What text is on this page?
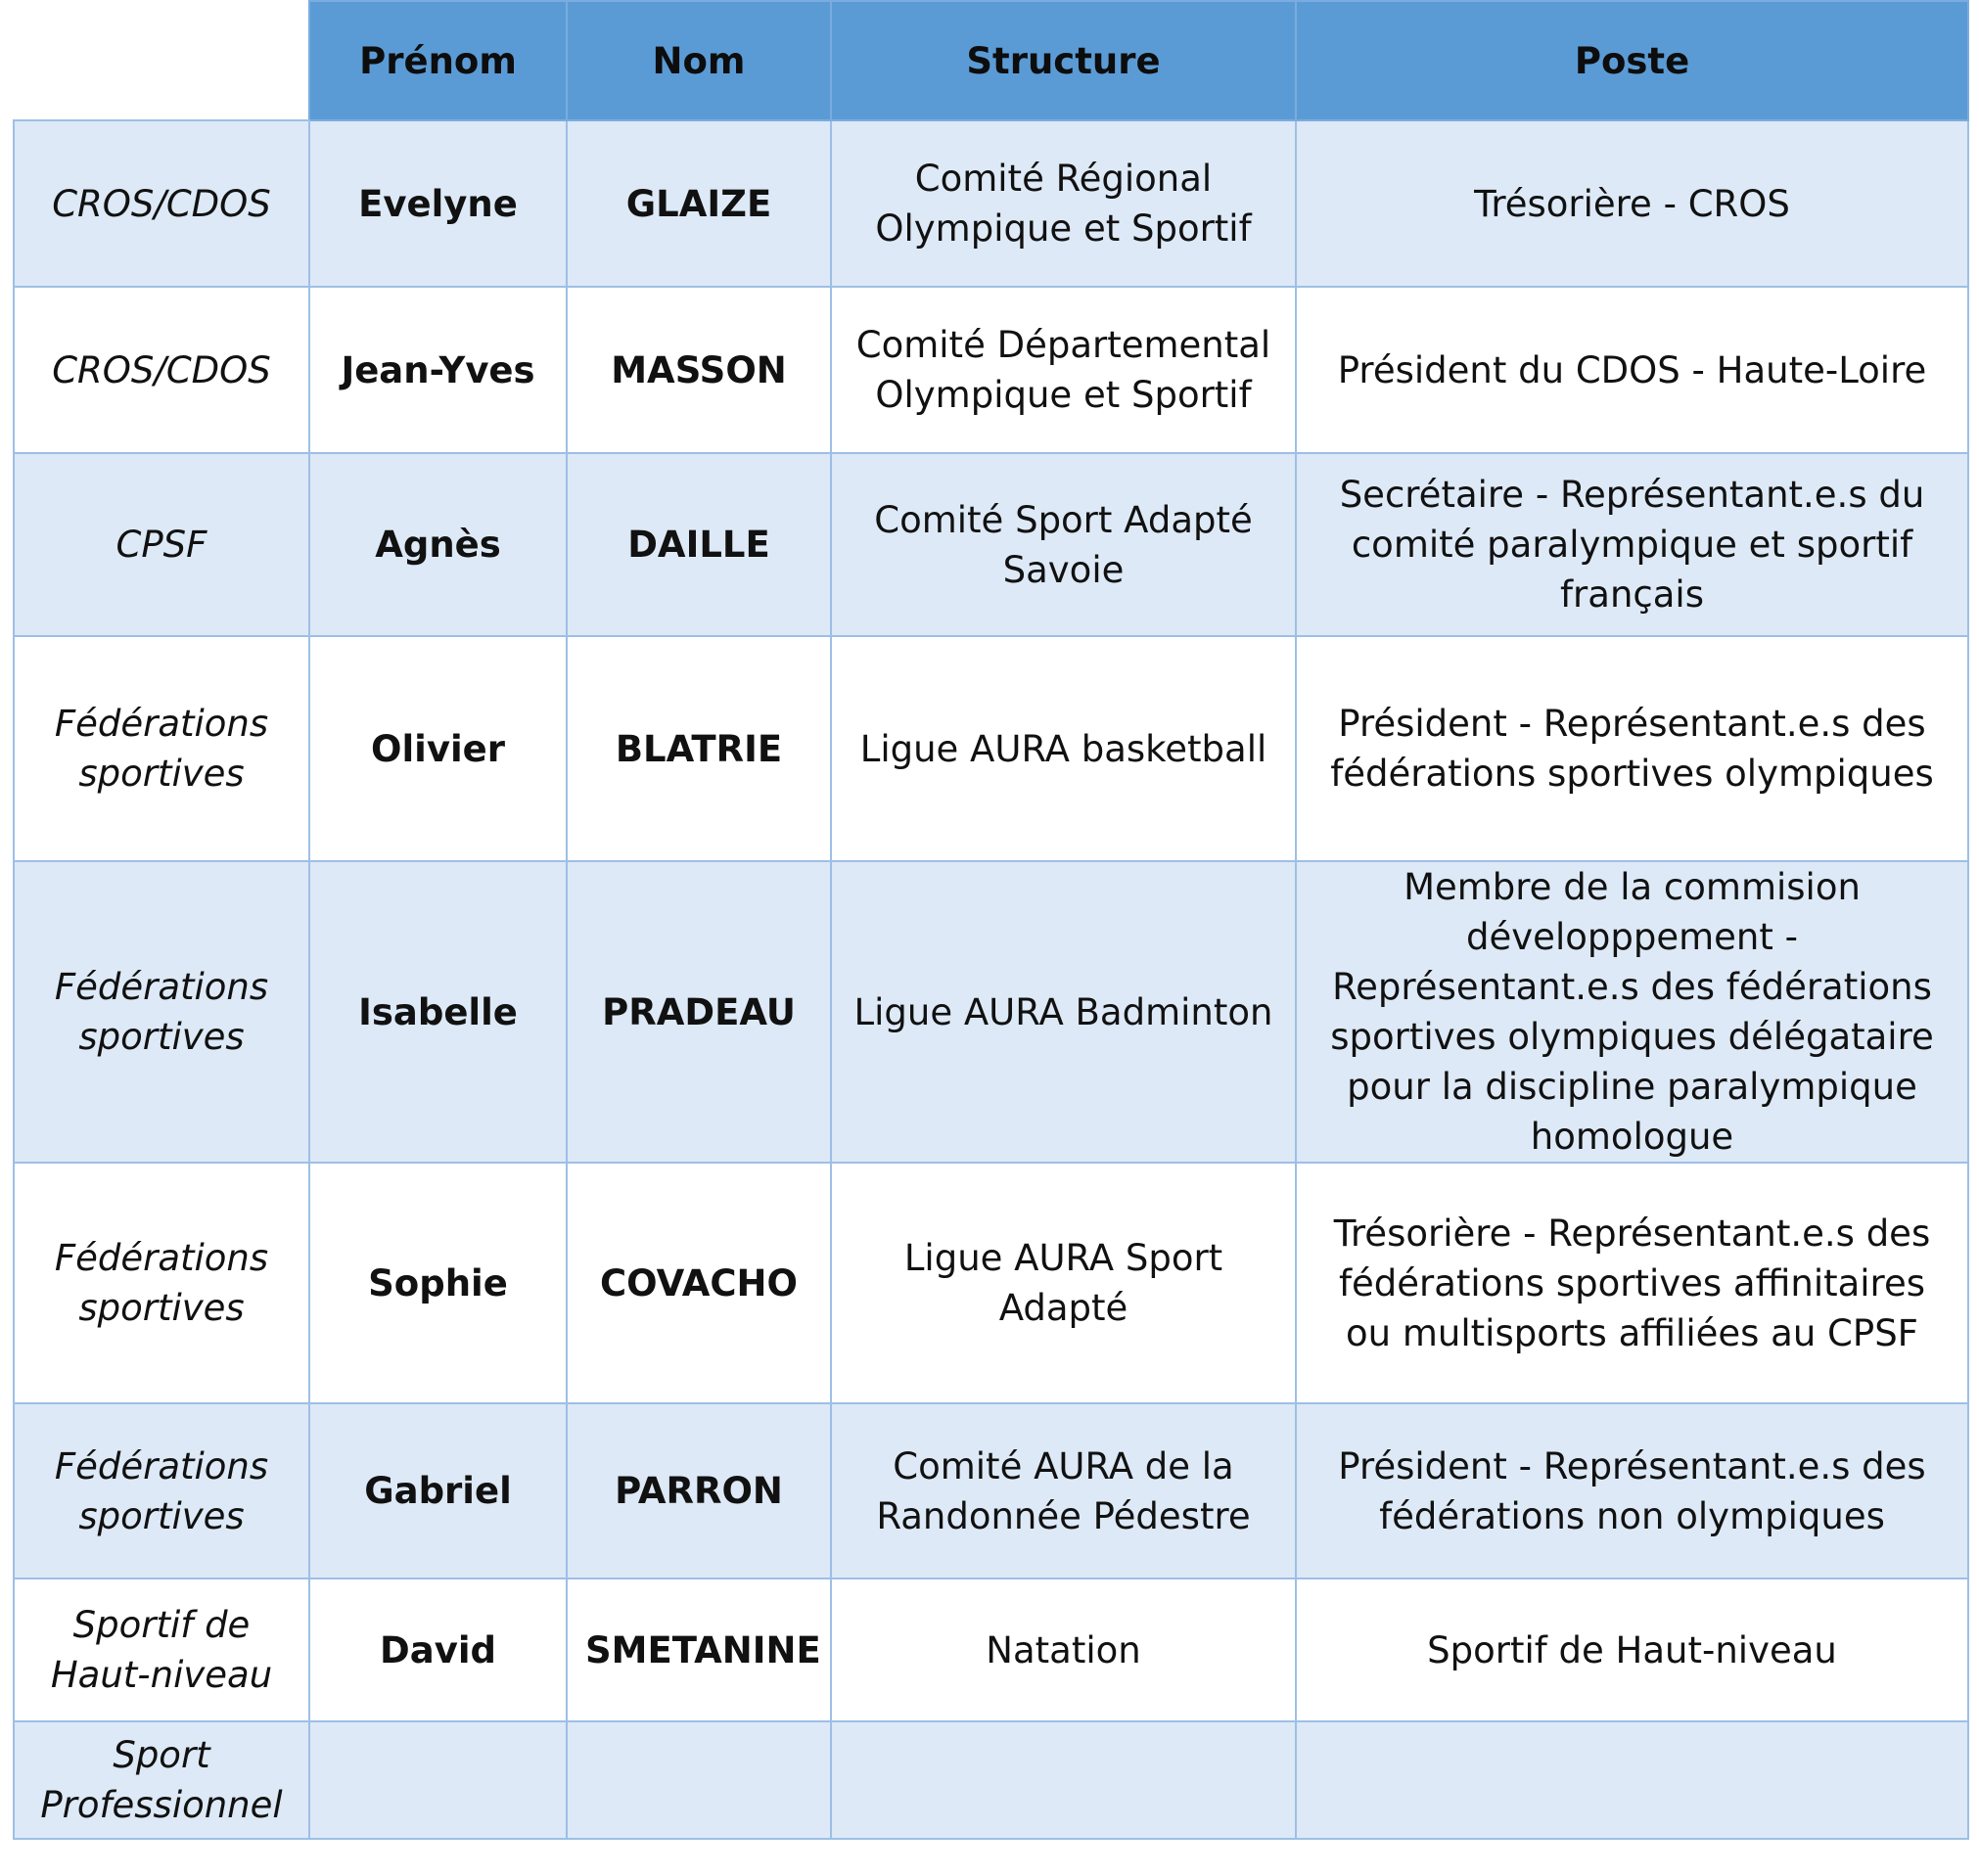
	Prénom	Nom	Structure	Poste
CROS/CDOS	Evelyne	GLAIZE	Comité Régional Olympique et Sportif	Trésorière - CROS
CROS/CDOS	Jean-Yves	MASSON	Comité Départemental Olympique et Sportif	Président du CDOS - Haute-Loire
CPSF	Agnès	DAILLE	Comité Sport Adapté Savoie	Secrétaire - Représentant.e.s du comité paralympique et sportif français
Fédérations sportives	Olivier	BLATRIE	Ligue AURA basketball	Président - Représentant.e.s des fédérations sportives olympiques
Fédérations sportives	Isabelle	PRADEAU	Ligue AURA Badminton	Membre de la commision développpement - Représentant.e.s des fédérations sportives olympiques délégataire pour la discipline paralympique homologue
Fédérations sportives	Sophie	COVACHO	Ligue AURA Sport Adapté	Trésorière - Représentant.e.s des fédérations sportives affinitaires ou multisports affiliées au CPSF
Fédérations sportives	Gabriel	PARRON	Comité AURA de la Randonnée Pédestre	Président - Représentant.e.s des fédérations non olympiques
Sportif de Haut-niveau	David	SMETANINE	Natation	Sportif de Haut-niveau
Sport Professionnel				
